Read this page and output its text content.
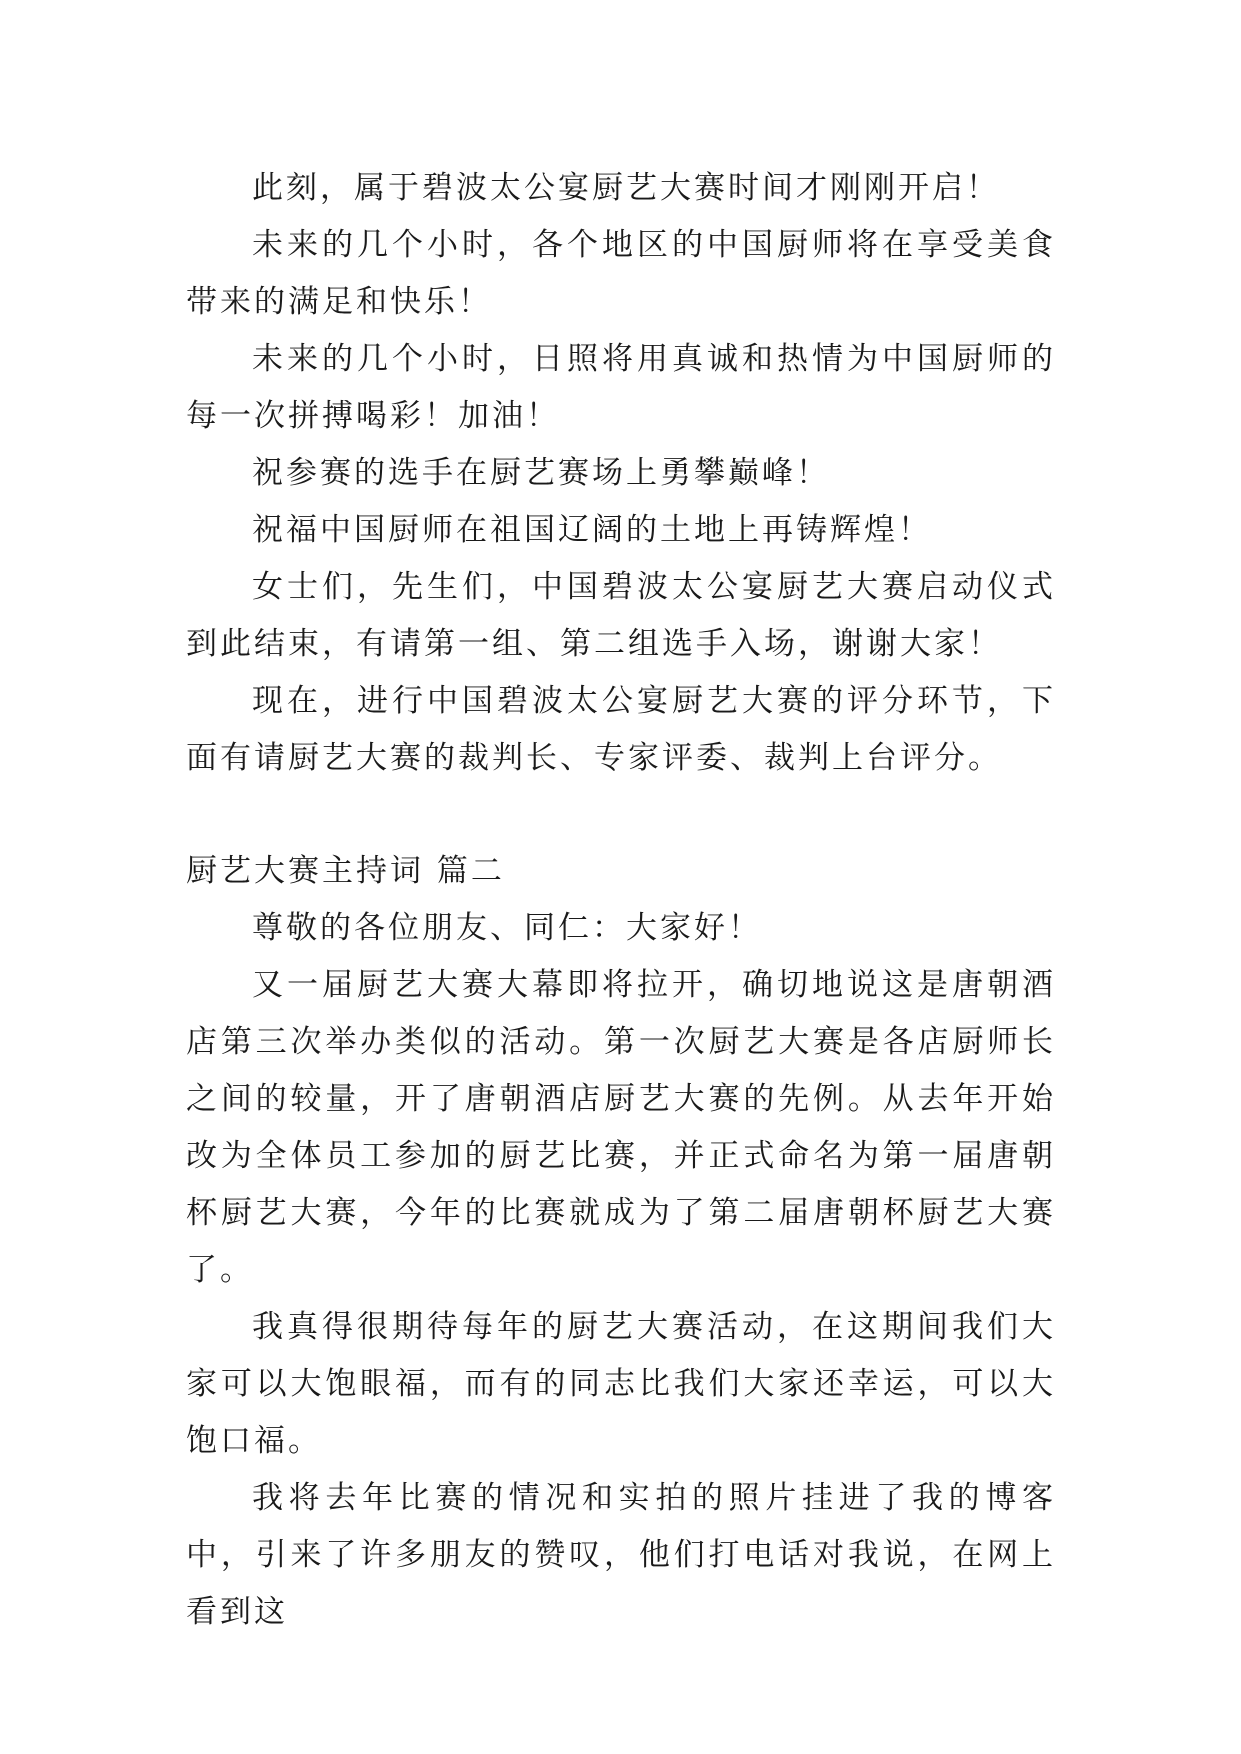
此刻，属于碧波太公宴厨艺大赛时间才刚刚开启！

未来的几个小时，各个地区的中国厨师将在享受美食带来的满足和快乐！

未来的几个小时，日照将用真诚和热情为中国厨师的每一次拼搏喝彩！加油！

祝参赛的选手在厨艺赛场上勇攀巅峰！

祝福中国厨师在祖国辽阔的土地上再铸辉煌！

女士们，先生们，中国碧波太公宴厨艺大赛启动仪式到此结束，有请第一组、第二组选手入场，谢谢大家！

现在，进行中国碧波太公宴厨艺大赛的评分环节，下面有请厨艺大赛的裁判长、专家评委、裁判上台评分。

厨艺大赛主持词 篇二

尊敬的各位朋友、同仁：大家好！

又一届厨艺大赛大幕即将拉开，确切地说这是唐朝酒店第三次举办类似的活动。第一次厨艺大赛是各店厨师长之间的较量，开了唐朝酒店厨艺大赛的先例。从去年开始改为全体员工参加的厨艺比赛，并正式命名为第一届唐朝杯厨艺大赛，今年的比赛就成为了第二届唐朝杯厨艺大赛了。

我真得很期待每年的厨艺大赛活动，在这期间我们大家可以大饱眼福，而有的同志比我们大家还幸运，可以大饱口福。

我将去年比赛的情况和实拍的照片挂进了我的博客中，引来了许多朋友的赞叹，他们打电话对我说，在网上看到这
